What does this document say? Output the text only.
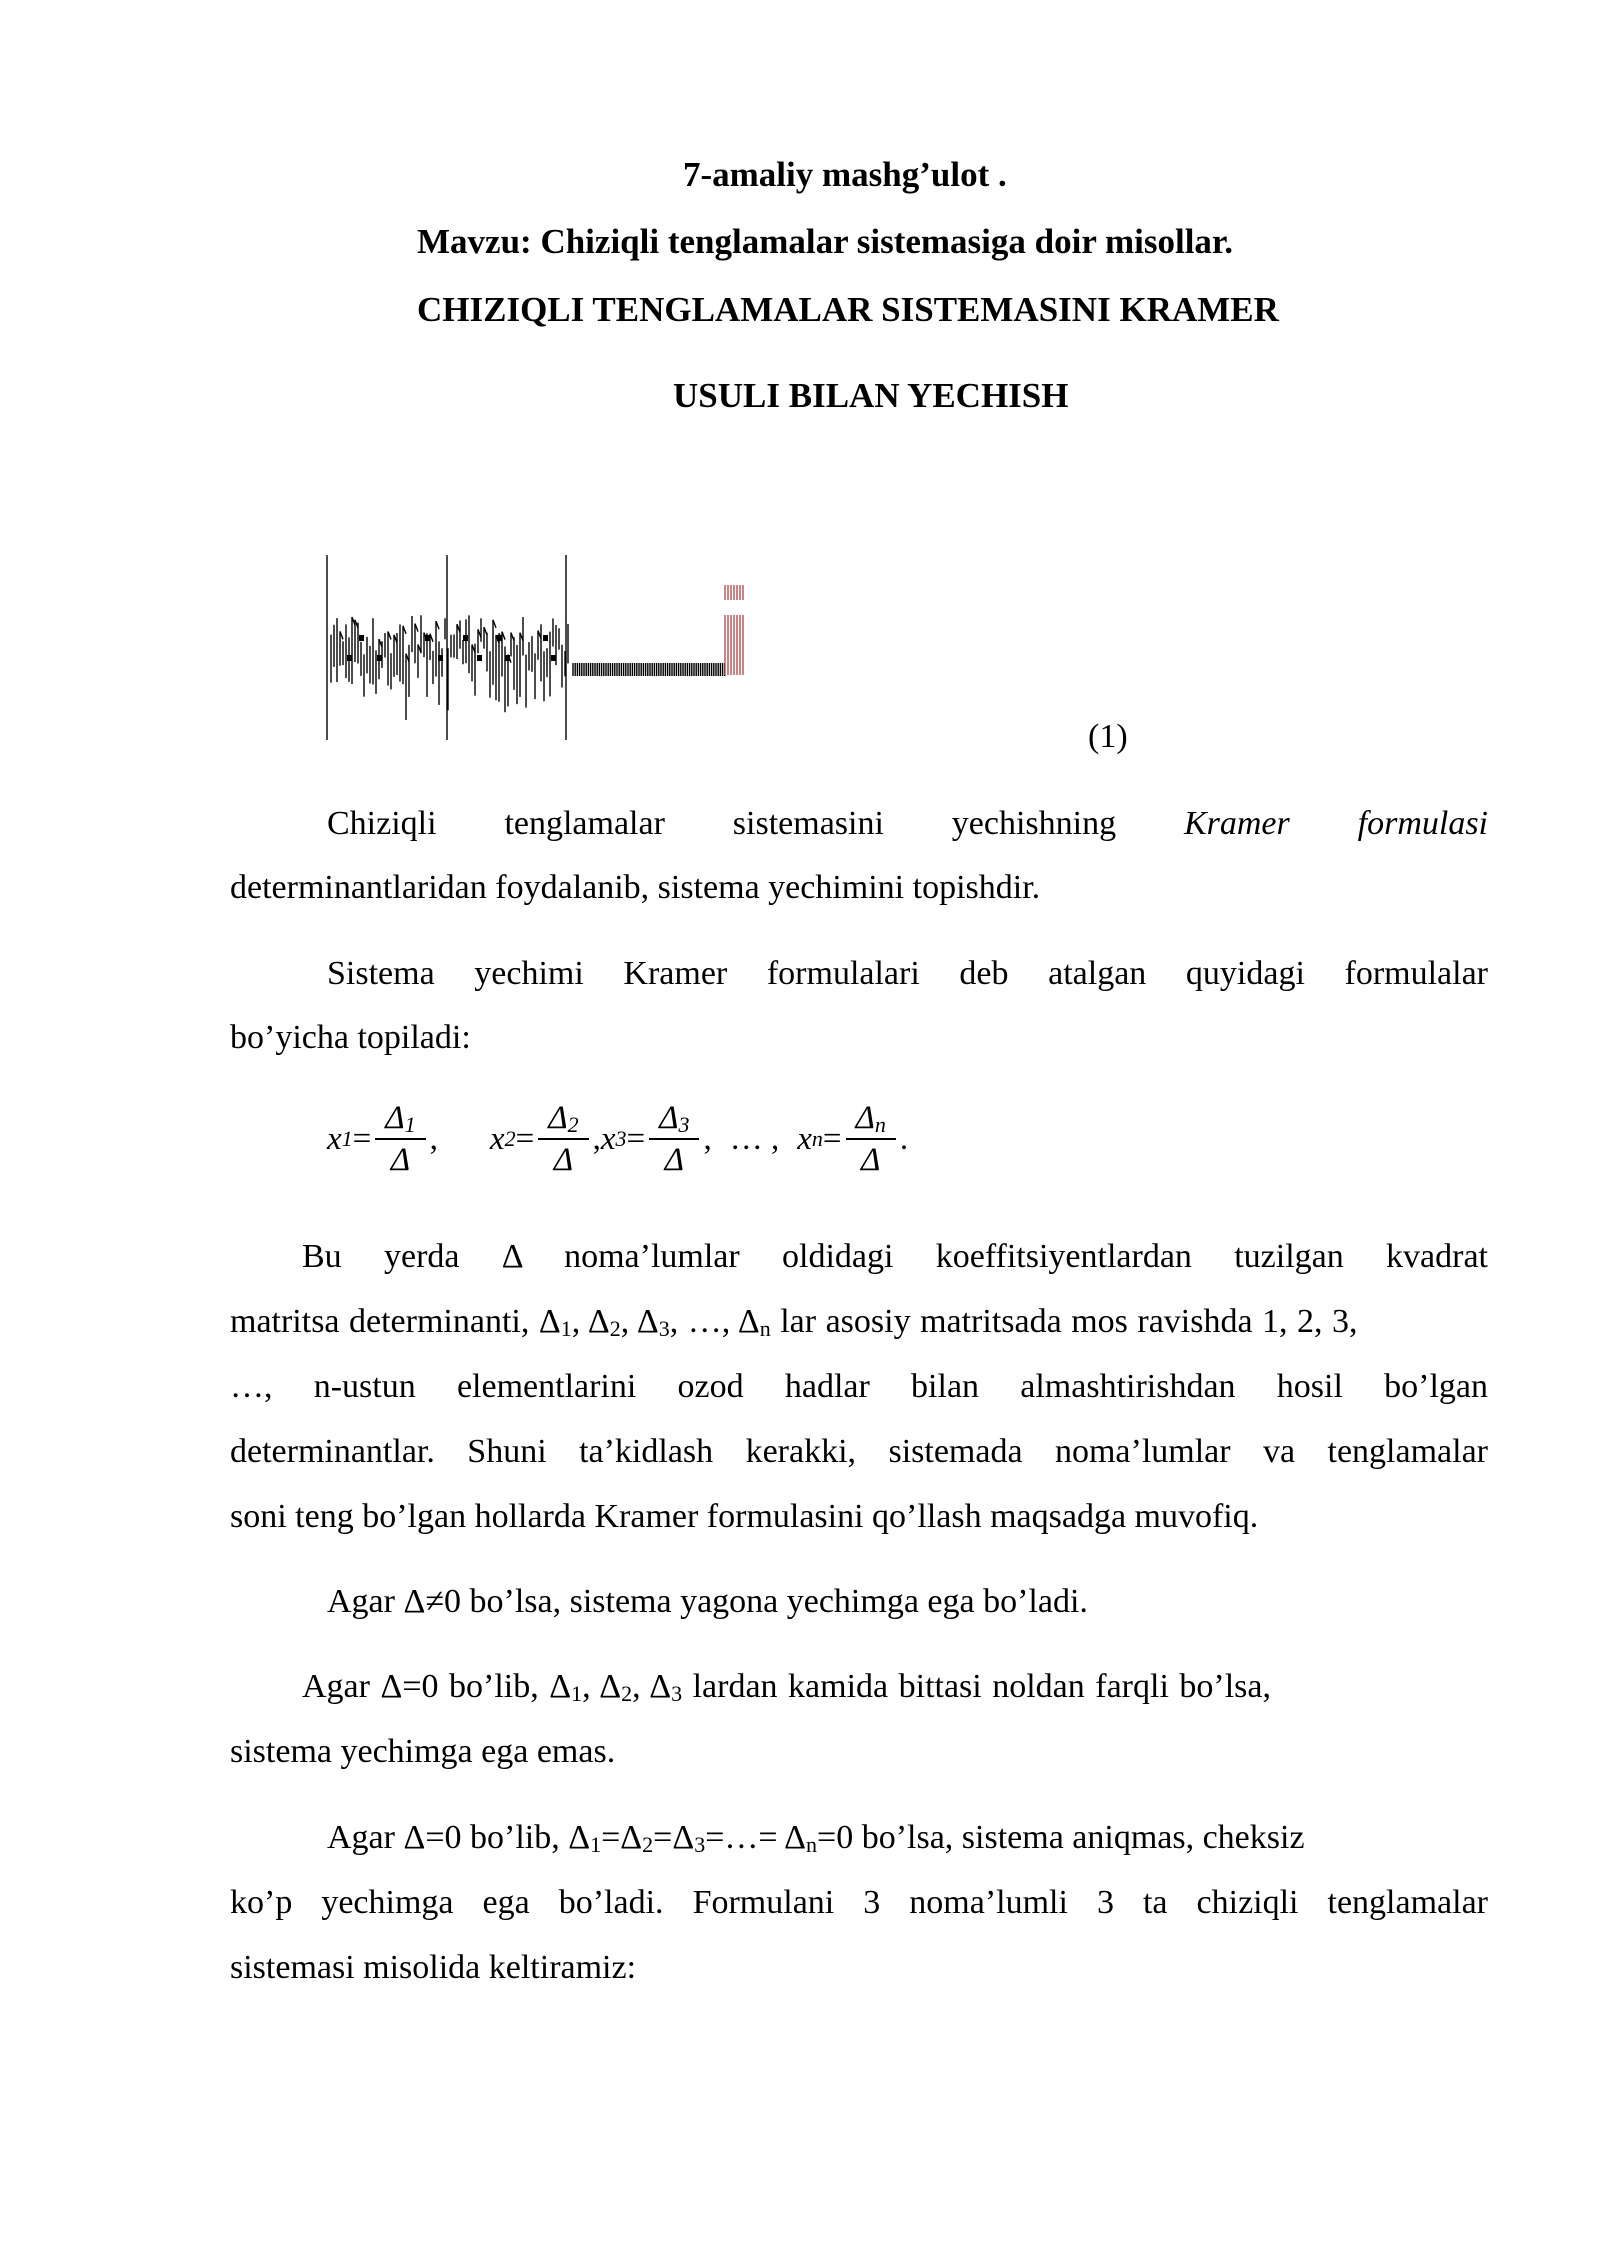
7-amaliy mashg’ulot .
Mavzu: Chiziqli tenglamalar sistemasiga doir misollar.
CHIZIQLI TENGLAMALAR SISTEMASINI KRAMER
USULI BILAN YECHISH
(1)
Chiziqli tenglamalar sistemasini yechishning Kramer formulasi
determinantlaridan foydalanib, sistema yechimini topishdir.
Sistema yechimi Kramer formulalari deb atalgan quyidagi formulalar
bo’yicha topiladi:
x $1 = \frac{\Delta_1}{\Delta}$ , x $2 = \frac{\Delta_2}{\Delta}$ , x $3 = \frac{\Delta_3}{\Delta}$ , … , x $n = \frac{\Delta_n}{\Delta}$ .
Bu yerda Δ noma’lumlar oldidagi koeffitsiyentlardan tuzilgan kvadrat
matritsa determinanti, $\Delta_1$, $\Delta_2$, $\Delta_3$, …, $\Delta_n$ lar asosiy matritsada mos ravishda 1, 2, 3,
…, n-ustun elementlarini ozod hadlar bilan almashtirishdan hosil bo’lgan
determinantlar. Shuni ta’kidlash kerakki, sistemada noma’lumlar va tenglamalar
soni teng bo’lgan hollarda Kramer formulasini qo’llash maqsadga muvofiq.
Agar Δ≠0 bo’lsa, sistema yagona yechimga ega bo’ladi.
Agar Δ=0 bo’lib, $\Delta_1$, $\Delta_2$, $\Delta_3$ lardan kamida bittasi noldan farqli bo’lsa,
sistema yechimga ega emas.
Agar Δ=0 bo’lib, $\Delta_1=\Delta_2=\Delta_3=\dots= \Delta_n=0$ bo’lsa, sistema aniqmas, cheksiz
ko’p yechimga ega bo’ladi. Formulani 3 noma’lumli 3 ta chiziqli tenglamalar
sistemasi misolida keltiramiz:
